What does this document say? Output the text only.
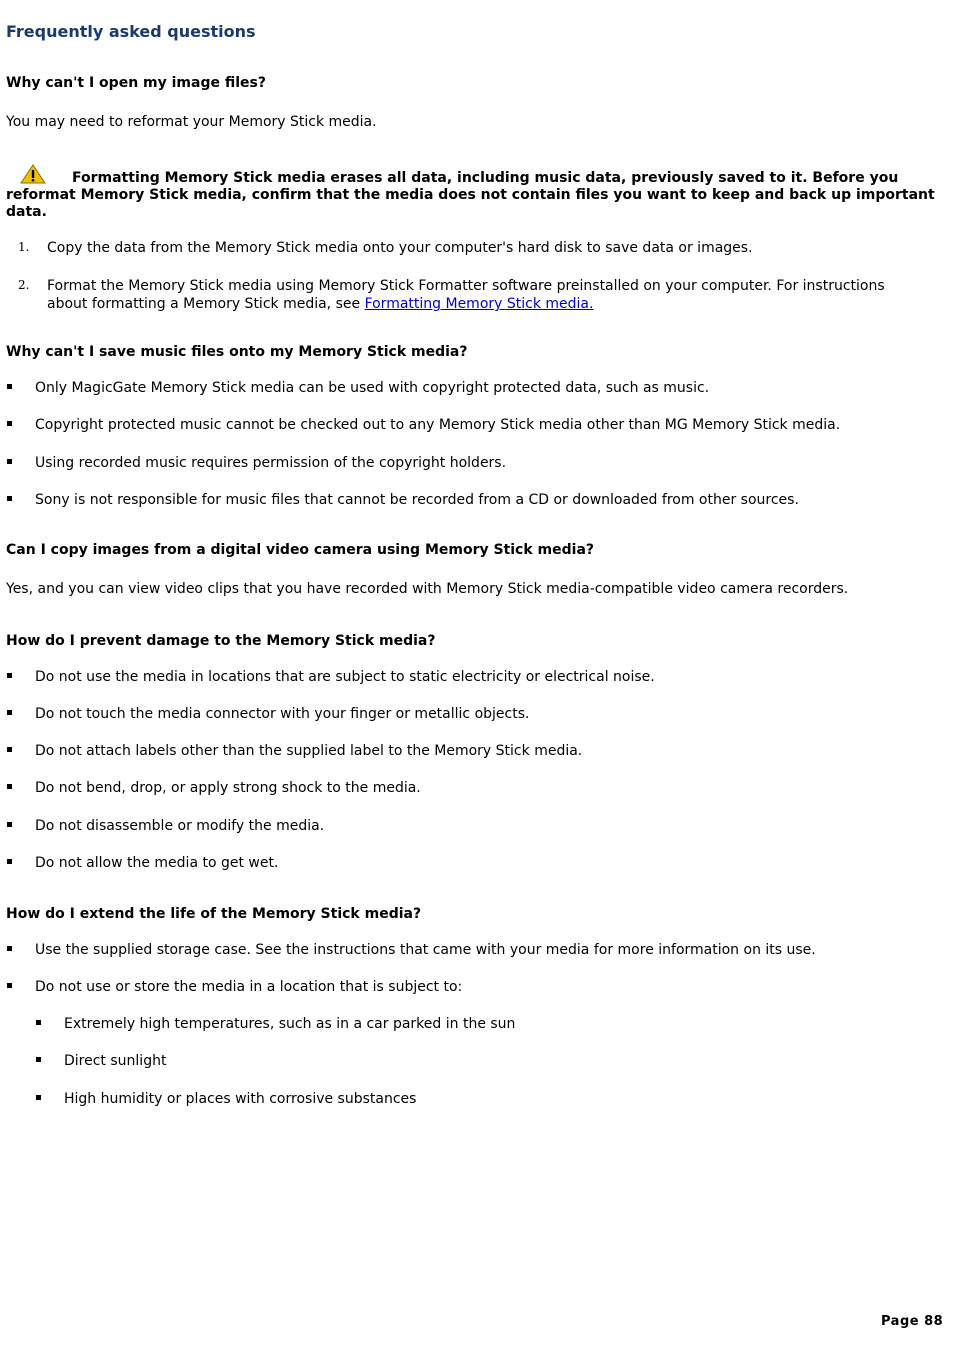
Frequently asked questions
Why can't I open my image files?
You may need to reformat your Memory Stick media.
Formatting Memory Stick media erases all data, including music data, previously saved to it. Before you reformat Memory Stick media, confirm that the media does not contain files you want to keep and back up important data.
1. Copy the data from the Memory Stick media onto your computer's hard disk to save data or images.
2. Format the Memory Stick media using Memory Stick Formatter software preinstalled on your computer. For instructions about formatting a Memory Stick media, see Formatting Memory Stick media.
Why can't I save music files onto my Memory Stick media?
Only MagicGate Memory Stick media can be used with copyright protected data, such as music.
Copyright protected music cannot be checked out to any Memory Stick media other than MG Memory Stick media.
Using recorded music requires permission of the copyright holders.
Sony is not responsible for music files that cannot be recorded from a CD or downloaded from other sources.
Can I copy images from a digital video camera using Memory Stick media?
Yes, and you can view video clips that you have recorded with Memory Stick media-compatible video camera recorders.
How do I prevent damage to the Memory Stick media?
Do not use the media in locations that are subject to static electricity or electrical noise.
Do not touch the media connector with your finger or metallic objects.
Do not attach labels other than the supplied label to the Memory Stick media.
Do not bend, drop, or apply strong shock to the media.
Do not disassemble or modify the media.
Do not allow the media to get wet.
How do I extend the life of the Memory Stick media?
Use the supplied storage case. See the instructions that came with your media for more information on its use.
Do not use or store the media in a location that is subject to:
Extremely high temperatures, such as in a car parked in the sun
Direct sunlight
High humidity or places with corrosive substances
Page 88
